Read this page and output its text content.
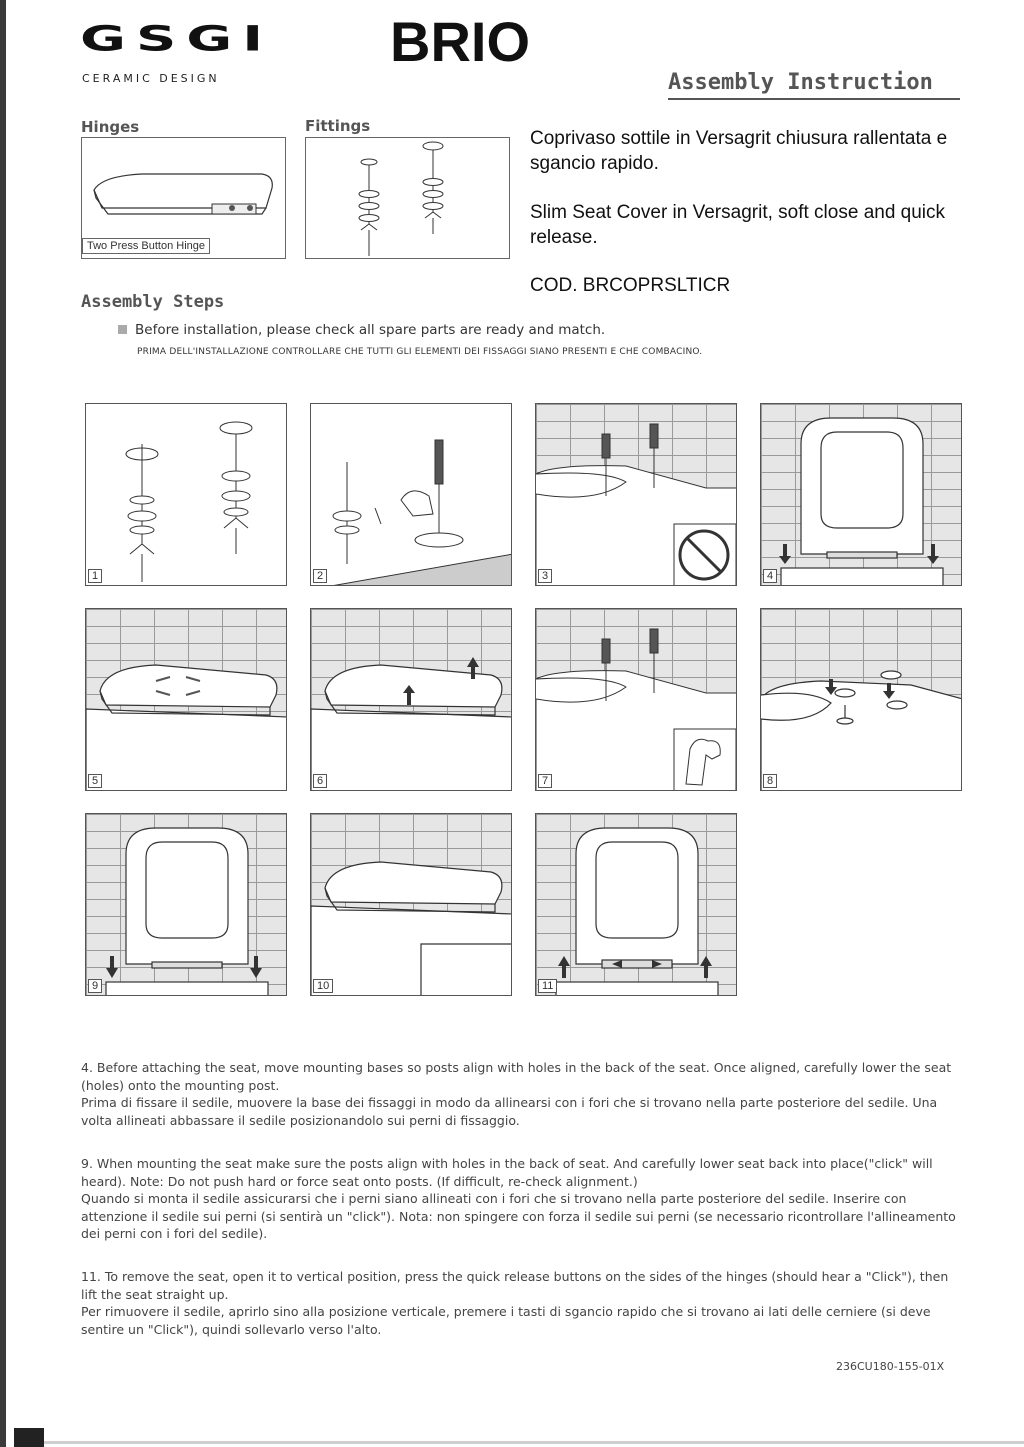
GSGI
CERAMIC DESIGN
BRIO
Assembly Instruction
Hinges
Two Press Button Hinge
Fittings
Coprivaso sottile in Versagrit chiusura rallentata e sgancio rapido.
Slim Seat Cover in Versagrit, soft close and quick release.
COD. BRCOPRSLTICR
Assembly Steps
Before installation, please check all spare parts are ready and match.
PRIMA DELL'INSTALLAZIONE CONTROLLARE CHE TUTTI GLI ELEMENTI DEI FISSAGGI SIANO PRESENTI E CHE COMBACINO.
1	2	3	4
5	6	7	8
9	10	11

4. Before attaching the seat, move mounting bases so posts align with holes in the back of the seat. Once aligned, carefully lower the seat (holes) onto the mounting post.

Prima di fissare il sedile, muovere la base dei fissaggi in modo da allinearsi con i fori che si trovano nella parte posteriore del sedile. Una volta allineati abbassare il sedile posizionandolo sui perni di fissaggio.

9. When mounting the seat make sure the posts align with holes in the back of seat. And carefully lower seat back into place("click" will heard). Note: Do not push hard or force seat onto posts. (If difficult, re-check alignment.)

Quando si monta il sedile assicurarsi che i perni siano allineati con i fori che si trovano nella parte posteriore del sedile. Inserire con attenzione il sedile sui perni (si sentirà un "click"). Nota: non spingere con forza il sedile sui perni (se necessario ricontrollare l'allineamento dei perni con i fori del sedile).

11. To remove the seat, open it to vertical position, press the quick release buttons on the sides of the hinges (should hear a "Click"), then lift the seat straight up.

Per rimuovere il sedile, aprirlo sino alla posizione verticale, premere i tasti di sgancio rapido che si trovano ai lati delle cerniere (si deve sentire un "Click"), quindi sollevarlo verso l'alto.

236CU180-155-01X
